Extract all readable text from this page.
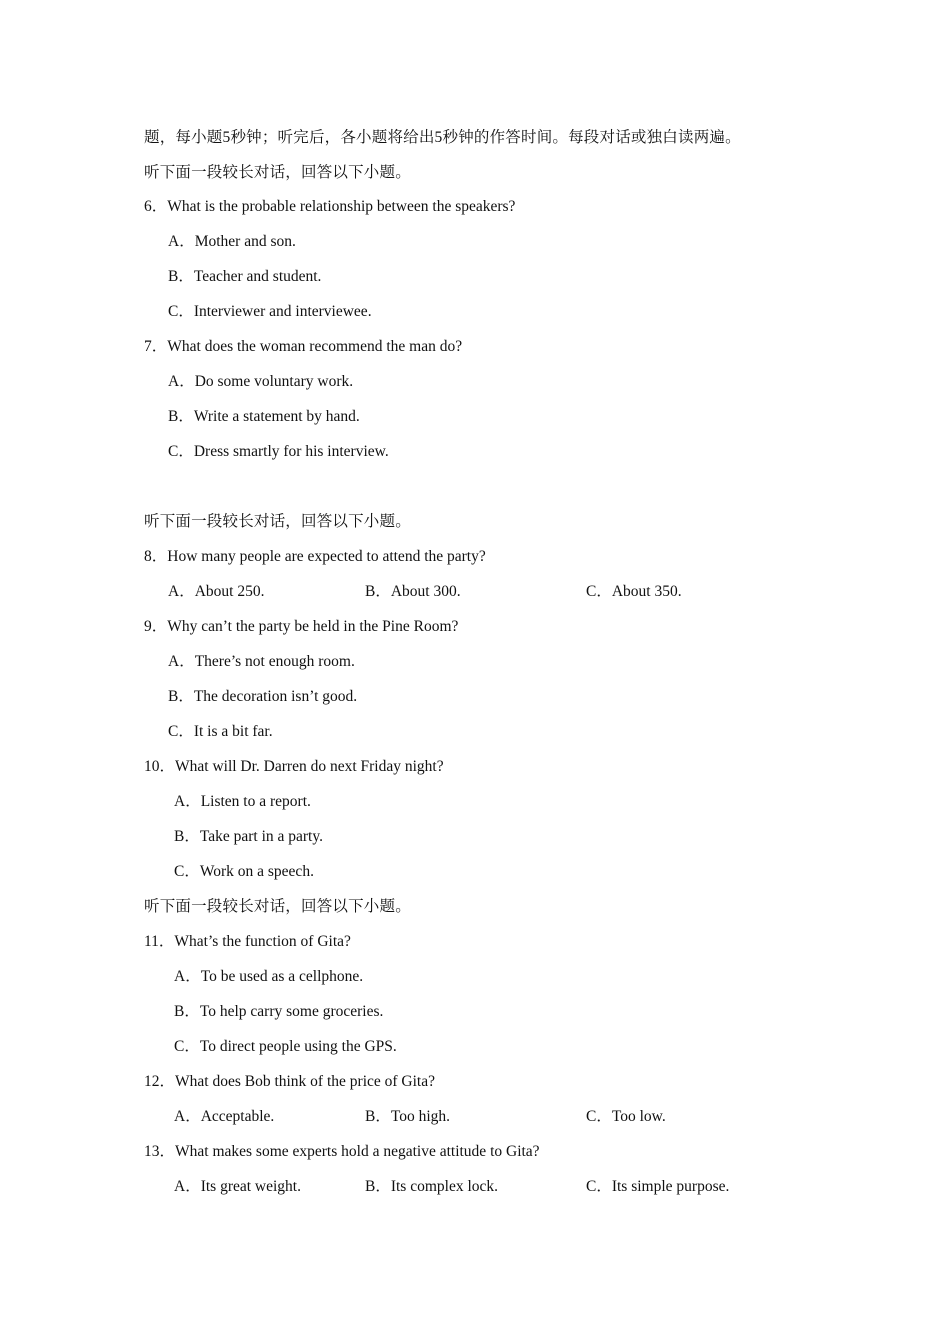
题，每小题5秒钟；听完后，各小题将给出5秒钟的作答时间。每段对话或独白读两遍。
听下面一段较长对话，回答以下小题。
6．What is the probable relationship between the speakers?
A．Mother and son.
B．Teacher and student.
C．Interviewer and interviewee.
7．What does the woman recommend the man do?
A．Do some voluntary work.
B．Write a statement by hand.
C．Dress smartly for his interview.
听下面一段较长对话，回答以下小题。
8．How many people are expected to attend the party?
A．About 250.	B．About 300.	C．About 350.
9．Why can’t the party be held in the Pine Room?
A．There’s not enough room.
B．The decoration isn’t good.
C．It is a bit far.
10．What will Dr. Darren do next Friday night?
A．Listen to a report.
B．Take part in a party.
C．Work on a speech.
听下面一段较长对话，回答以下小题。
11．What’s the function of Gita?
A．To be used as a cellphone.
B．To help carry some groceries.
C．To direct people using the GPS.
12．What does Bob think of the price of Gita?
A．Acceptable.	B．Too high.	C．Too low.
13．What makes some experts hold a negative attitude to Gita?
A．Its great weight.	B．Its complex lock.	C．Its simple purpose.
